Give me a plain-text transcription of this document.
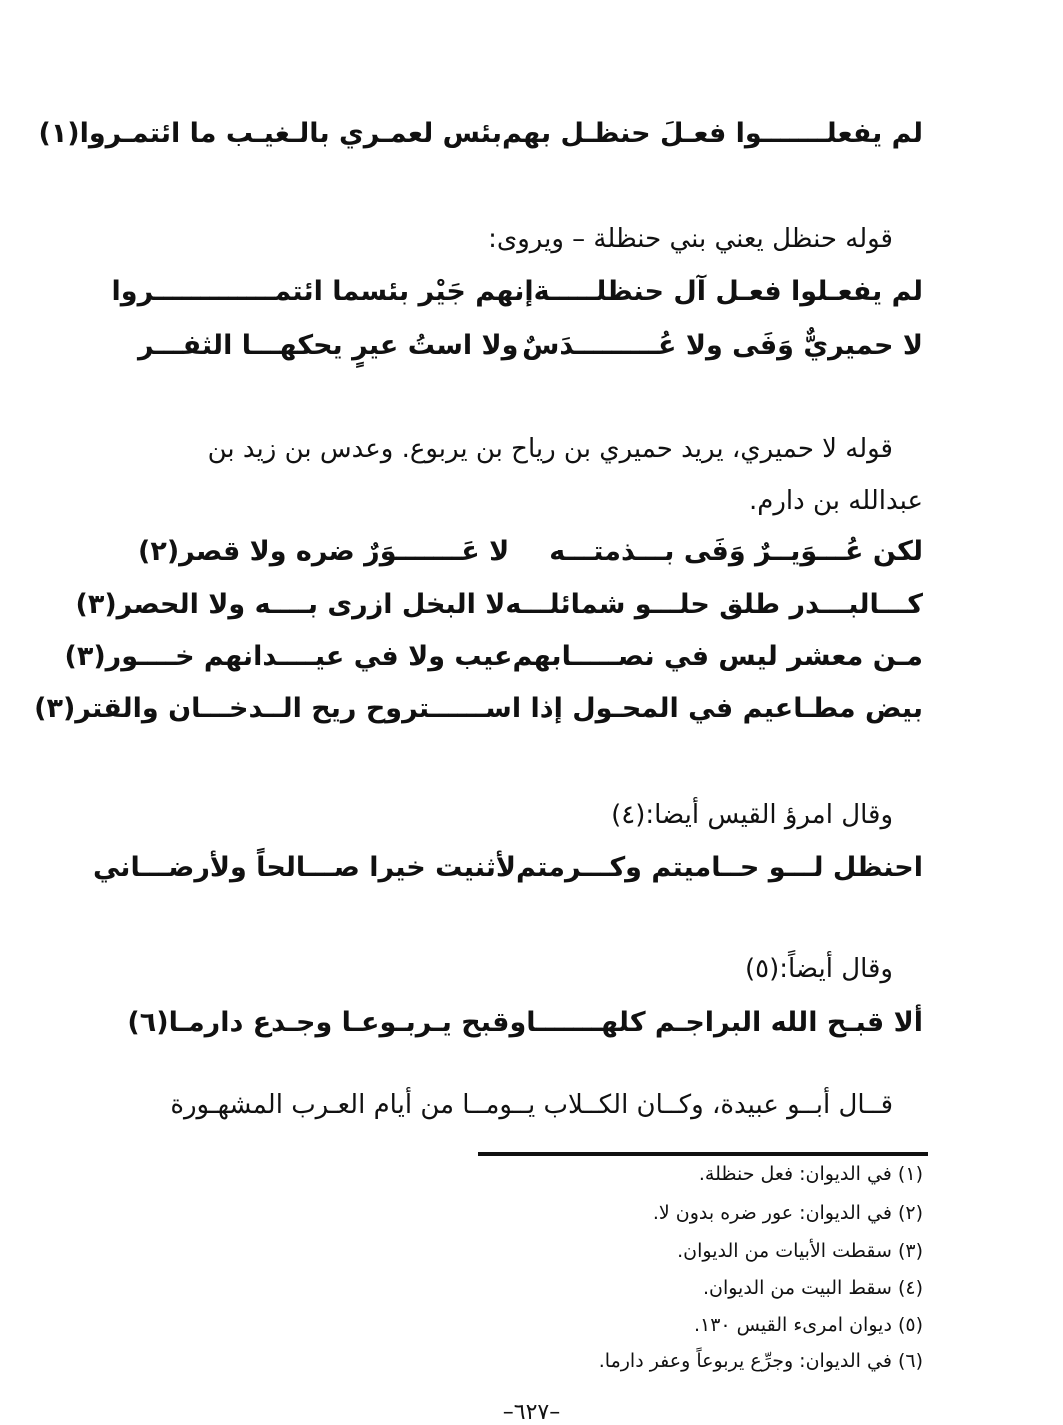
لم يفعلـــــــوا فعـلَ حنظـل بهم
بئس لعمـري بالـغيـب ما ائتمـروا(١)
قوله حنظل يعني بني حنظلة – ويروى:
لم يفعـلوا فعـل آل حنظلـــــة
إنهم جَيْر بئسما ائتمـــــــــــــروا
لا حميريٌّ وَفَى ولا عُـــــــــدَسٌ
ولا استُ عيرٍ يحكهـــا الثفـــر
قوله لا حميري، يريد حميري بن رياح بن يربوع. وعدس بن زيد بن
عبدالله بن دارم.
لكن عُـــوَيــرٌ وَفَى بـــذمتـــه
لا عَـــــــوَرٌ ضره ولا قصر(٢)
كـــالبـــدر طلق حلـــو شمائلـــه
لا البخل ازرى بــــه ولا الحصر(٣)
مـن معشر ليس في نصـــــابهم
عيب ولا في عيــــدانهم خــــور(٣)
بيض مطـاعيم في المحـول إذا اســـ
ـــتروح ريح الــدخـــان والقتر(٣)
وقال امرؤ القيس أيضا:(٤)
احنظل لـــو حــاميتم وكـــرمتم
لأثنيت خيرا صـــالحاً ولأرضـــاني
وقال أيضاً:(٥)
ألا قبـح الله البراجـم كلهـــــــا
وقبح يـربـوعـا وجـدع دارمـا(٦)
قــال أبــو عبيدة، وكــان الكــلاب يــومــا من أيام العـرب المشهـورة
(١) في الديوان: فعل حنظلة.
(٢) في الديوان: عور ضره بدون لا.
(٣) سقطت الأبيات من الديوان.
(٤) سقط البيت من الديوان.
(٥) ديوان امرىء القيس ١٣٠.
(٦) في الديوان: وجرِّع يربوعاً وعفر دارما.
–٦٢٧–
